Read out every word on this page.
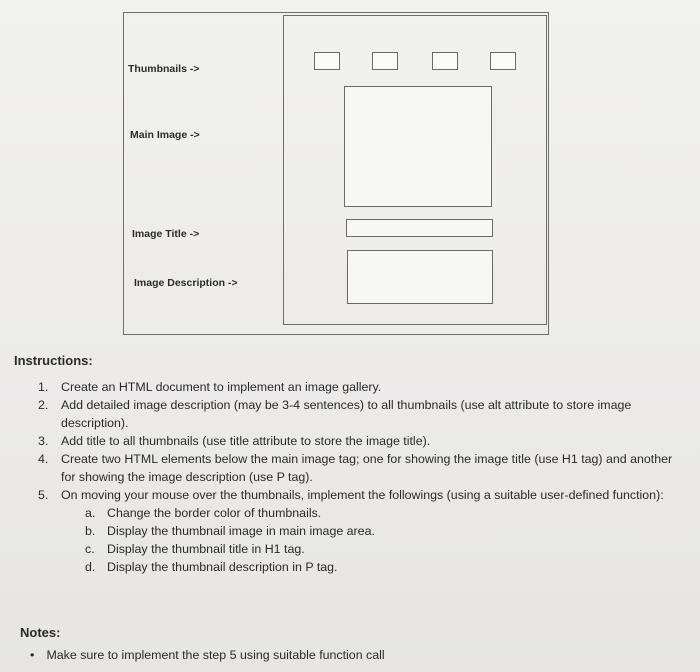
Thumbnails ->
Main Image ->
Image Title ->
Image Description ->
Instructions:
1. Create an HTML document to implement an image gallery.
2. Add detailed image description (may be 3-4 sentences) to all thumbnails (use alt attribute to store image description).
3. Add title to all thumbnails (use title attribute to store the image title).
4. Create two HTML elements below the main image tag; one for showing the image title (use H1 tag) and another for showing the image description (use P tag).
5. On moving your mouse over the thumbnails, implement the followings (using a suitable user-defined function):
a. Change the border color of thumbnails.
b. Display the thumbnail image in main image area.
c. Display the thumbnail title in H1 tag.
d. Display the thumbnail description in P tag.
Notes:
• Make sure to implement the step 5 using suitable function call
